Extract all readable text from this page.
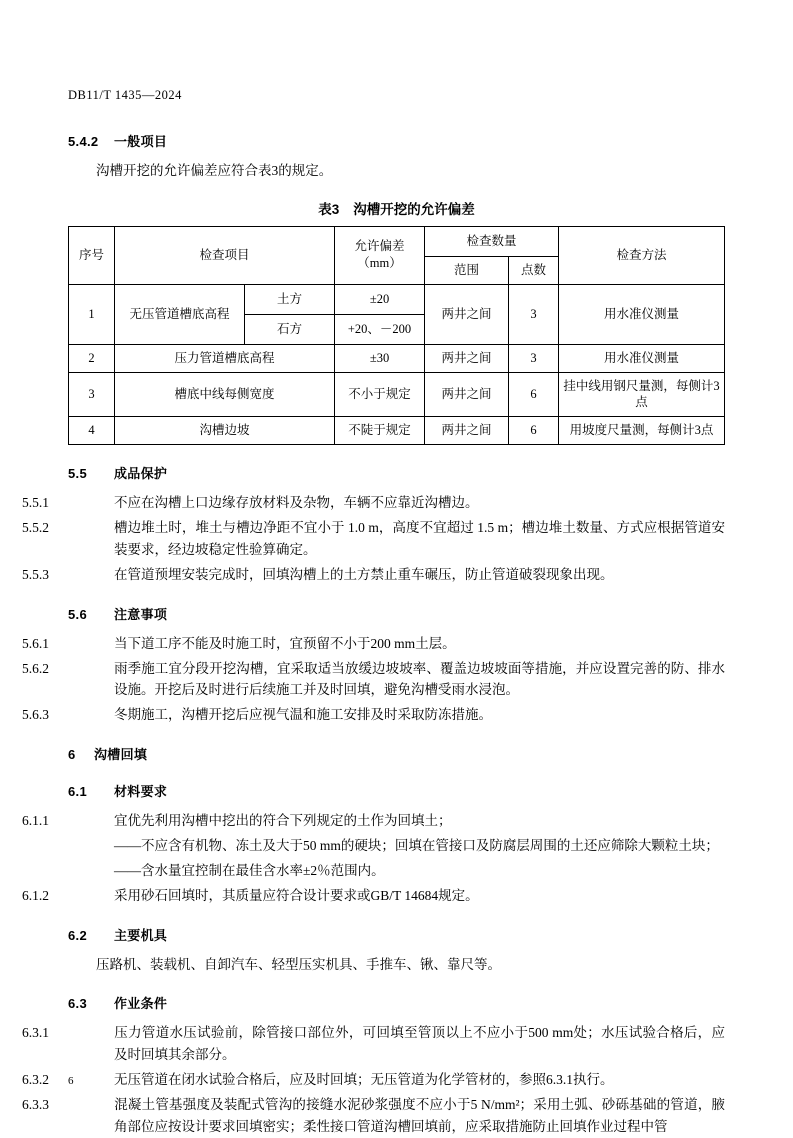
DB11/T 1435—2024
5.4.2 一般项目

沟槽开挖的允许偏差应符合表3的规定。

表3 沟槽开挖的允许偏差
序号	检查项目		允许偏差（mm）	检查数量		检查方法
				范围	点数	
1	无压管道槽底高程	土方	±20	两井之间	3	用水准仪测量
		石方	+20、－200			
2	压力管道槽底高程		±30	两井之间	3	用水准仪测量
3	槽底中线每侧宽度		不小于规定	两井之间	6	挂中线用钢尺量测，每侧计3点
4	沟槽边坡		不陡于规定	两井之间	6	用坡度尺量测，每侧计3点
5.5 成品保护

5.5.1	不应在沟槽上口边缘存放材料及杂物，车辆不应靠近沟槽边。

5.5.2	槽边堆土时，堆土与槽边净距不宜小于 1.0 m，高度不宜超过 1.5 m；槽边堆土数量、方式应根据管道安装要求，经边坡稳定性验算确定。

5.5.3	在管道预埋安装完成时，回填沟槽上的土方禁止重车碾压，防止管道破裂现象出现。

5.6 注意事项

5.6.1	当下道工序不能及时施工时，宜预留不小于200 mm土层。

5.6.2	雨季施工宜分段开挖沟槽，宜采取适当放缓边坡坡率、覆盖边坡坡面等措施，并应设置完善的防、排水设施。开挖后及时进行后续施工并及时回填，避免沟槽受雨水浸泡。

5.6.3	冬期施工，沟槽开挖后应视气温和施工安排及时采取防冻措施。

6 沟槽回填
6.1 材料要求

6.1.1	宜优先利用沟槽中挖出的符合下列规定的土作为回填土；

——不应含有机物、冻土及大于50 mm的硬块；回填在管接口及防腐层周围的土还应筛除大颗粒土块；

——含水量宜控制在最佳含水率±2％范围内。

6.1.2	采用砂石回填时，其质量应符合设计要求或GB/T 14684规定。

6.2 主要机具

压路机、装载机、自卸汽车、轻型压实机具、手推车、锹、靠尺等。

6.3 作业条件

6.3.1	压力管道水压试验前，除管接口部位外，可回填至管顶以上不应小于500 mm处；水压试验合格后，应及时回填其余部分。

6.3.2	无压管道在闭水试验合格后，应及时回填；无压管道为化学管材的，参照6.3.1执行。

6.3.3	混凝土管基强度及装配式管沟的接缝水泥砂浆强度不应小于5 N/mm²；采用土弧、砂砾基础的管道，腋角部位应按设计要求回填密实；柔性接口管道沟槽回填前，应采取措施防止回填作业过程中管

6
